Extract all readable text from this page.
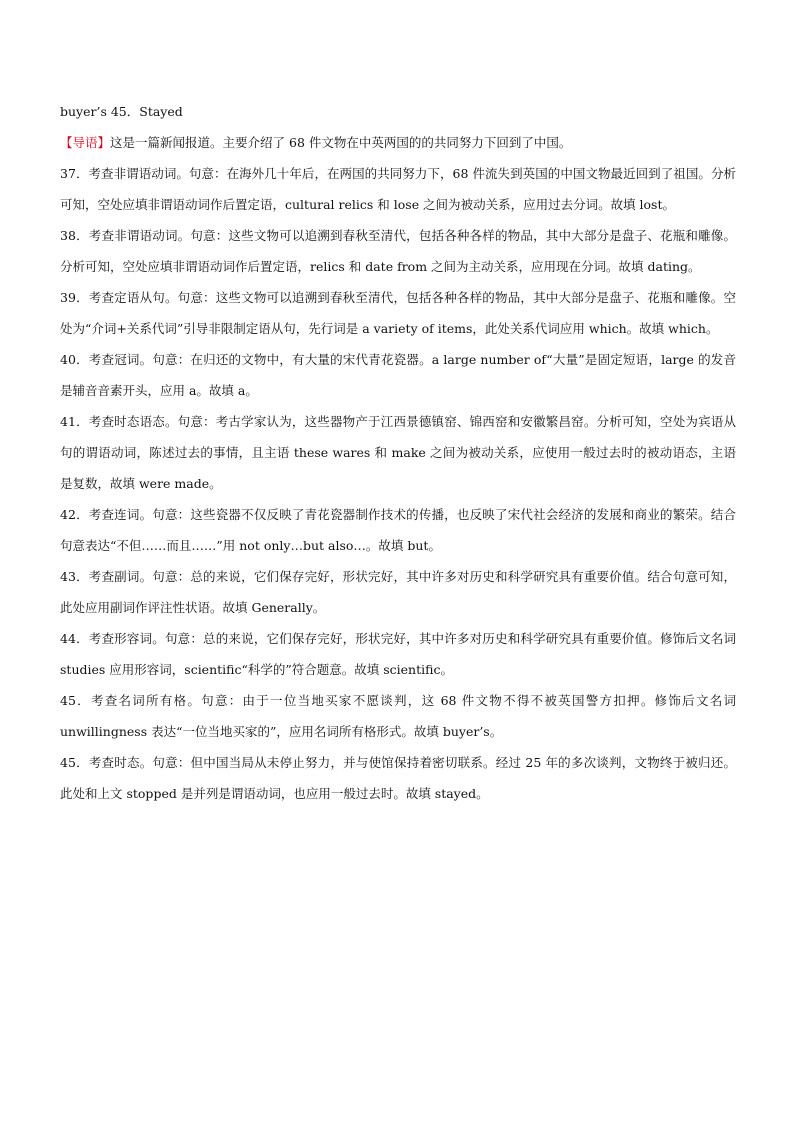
buyer’s 45．Stayed

【导语】这是一篇新闻报道。主要介绍了 68 件文物在中英两国的的共同努力下回到了中国。

37．考查非谓语动词。句意：在海外几十年后，在两国的共同努力下，68 件流失到英国的中国文物最近回到了祖国。分析可知，空处应填非谓语动词作后置定语，cultural relics 和 lose 之间为被动关系，应用过去分词。故填 lost。

38．考查非谓语动词。句意：这些文物可以追溯到春秋至清代，包括各种各样的物品，其中大部分是盘子、花瓶和雕像。分析可知，空处应填非谓语动词作后置定语，relics 和 date from 之间为主动关系，应用现在分词。故填 dating。

39．考查定语从句。句意：这些文物可以追溯到春秋至清代，包括各种各样的物品，其中大部分是盘子、花瓶和雕像。空处为“介词+关系代词”引导非限制定语从句，先行词是 a variety of items，此处关系代词应用 which。故填 which。

40．考查冠词。句意：在归还的文物中，有大量的宋代青花瓷器。a large number of“大量”是固定短语，large 的发音是辅音音素开头，应用 a。故填 a。

41．考查时态语态。句意：考古学家认为，这些器物产于江西景德镇窑、锦西窑和安徽繁昌窑。分析可知，空处为宾语从句的谓语动词，陈述过去的事情，且主语 these wares 和 make 之间为被动关系，应使用一般过去时的被动语态，主语是复数，故填 were made。

42．考查连词。句意：这些瓷器不仅反映了青花瓷器制作技术的传播，也反映了宋代社会经济的发展和商业的繁荣。结合句意表达“不但……而且……”用 not only…but also…。故填 but。

43．考查副词。句意：总的来说，它们保存完好，形状完好，其中许多对历史和科学研究具有重要价值。结合句意可知，此处应用副词作评注性状语。故填 Generally。

44．考查形容词。句意：总的来说，它们保存完好，形状完好，其中许多对历史和科学研究具有重要价值。修饰后文名词 studies 应用形容词，scientific“科学的”符合题意。故填 scientific。

45．考查名词所有格。句意：由于一位当地买家不愿谈判，这 68 件文物不得不被英国警方扣押。修饰后文名词 unwillingness 表达“一位当地买家的”，应用名词所有格形式。故填 buyer’s。

45．考查时态。句意：但中国当局从未停止努力，并与使馆保持着密切联系。经过 25 年的多次谈判，文物终于被归还。此处和上文 stopped 是并列是谓语动词，也应用一般过去时。故填 stayed。
